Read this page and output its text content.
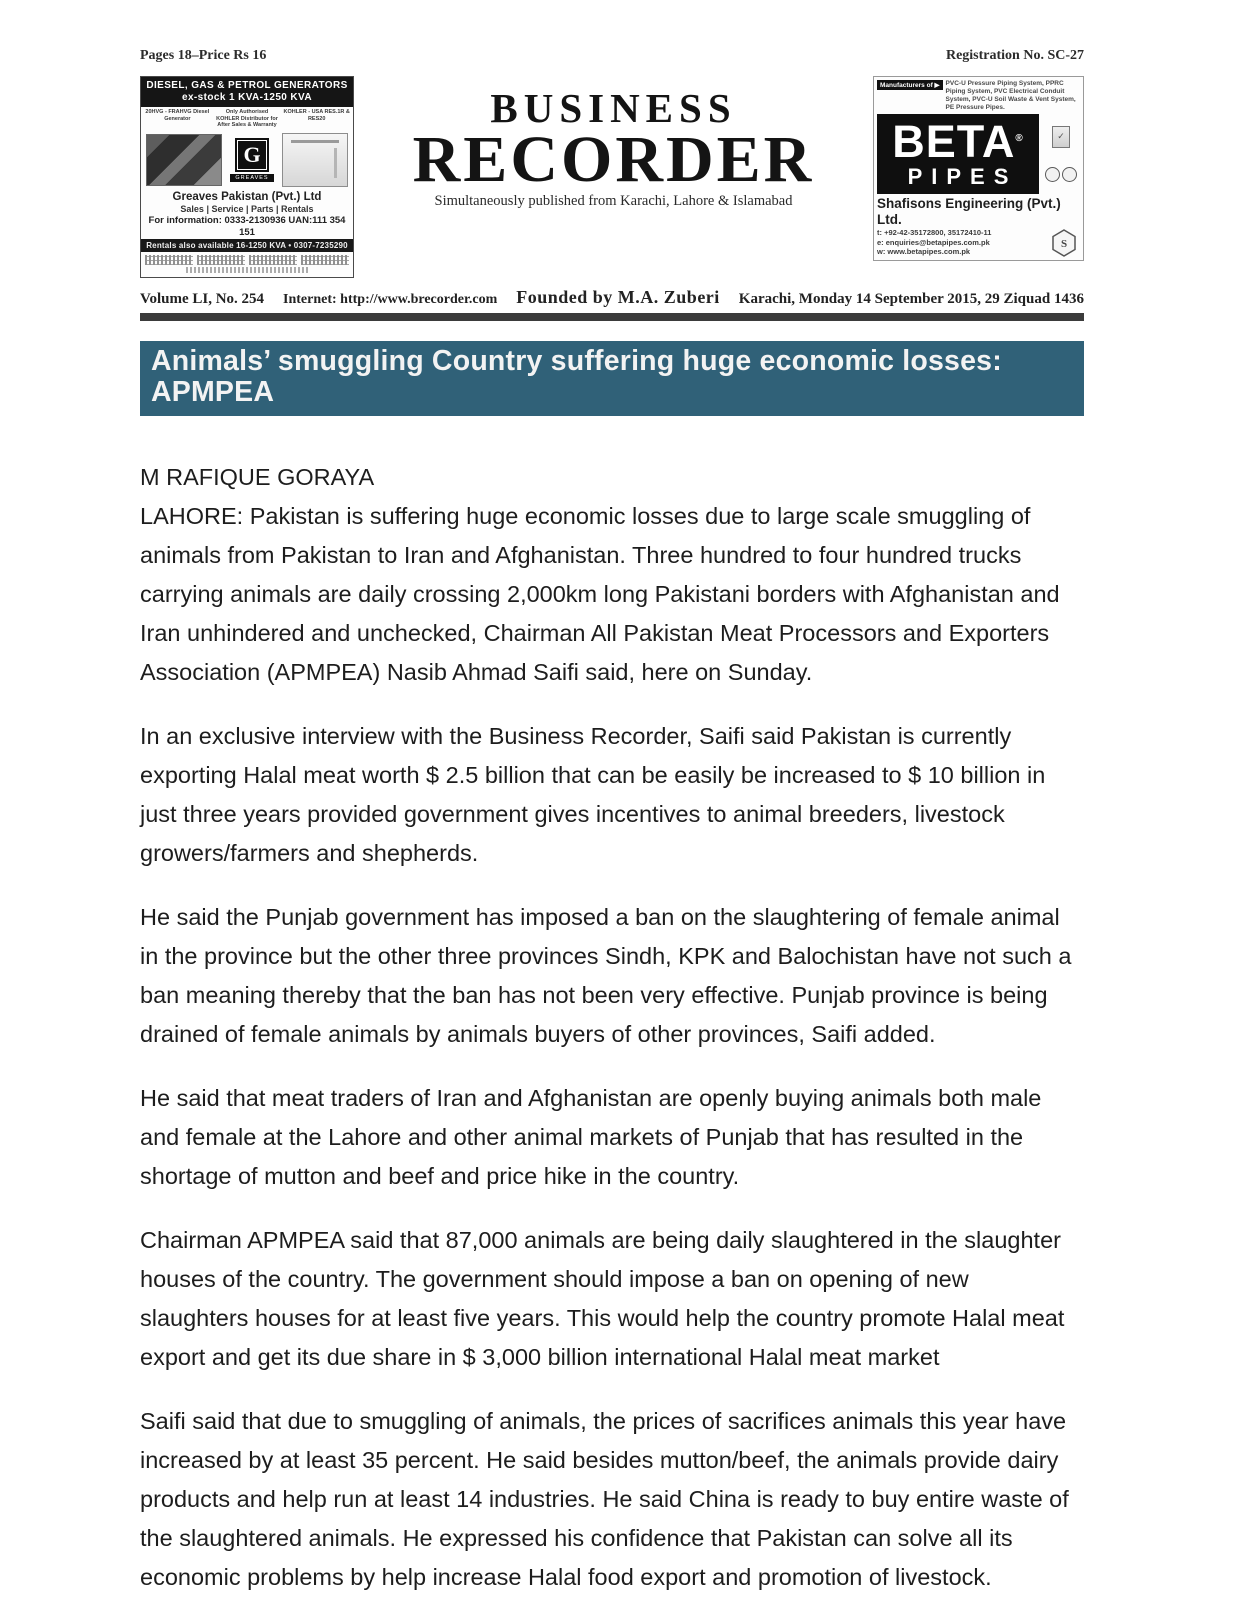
Pages 18–Price Rs 16	Registration No. SC-27
DIESEL, GAS & PETROL GENERATORS
ex-stock 1 KVA-1250 KVA
20HVG - FRAHVG Diesel Generator
Only Authorised KOHLER Distributor for After Sales & Warranty
KOHLER - USA RES.1R & RES20
G
GREAVES
Greaves Pakistan (Pvt.) Ltd
Sales | Service | Parts | Rentals
For information: 0333-2130936 UAN:111 354 151
Rentals also available 16-1250 KVA • 0307-7235290
BUSINESS
RECORDER
Simultaneously published from Karachi, Lahore & Islamabad
Manufacturers of ▶ PVC-U Pressure Piping System, PPRC Piping System, PVC Electrical Conduit System, PVC-U Soil Waste & Vent System, PE Pressure Pipes.
BETA®
PIPES
✓
Shafisons Engineering (Pvt.) Ltd.
t: +92-42-35172800, 35172410-11
e: enquiries@betapipes.com.pk
w: www.betapipes.com.pk
S
Volume LI, No. 254 Internet: http://www.brecorder.com Founded by M.A. Zuberi Karachi, Monday 14 September 2015, 29 Ziquad 1436
Animals’ smuggling Country suffering huge economic losses:
APMPEA

M RAFIQUE GORAYA

LAHORE: Pakistan is suffering huge economic losses due to large scale smuggling of animals from Pakistan to Iran and Afghanistan. Three hundred to four hundred trucks carrying animals are daily crossing 2,000km long Pakistani borders with Afghanistan and Iran unhindered and unchecked, Chairman All Pakistan Meat Processors and Exporters Association (APMPEA) Nasib Ahmad Saifi said, here on Sunday.

In an exclusive interview with the Business Recorder, Saifi said Pakistan is currently exporting Halal meat worth $ 2.5 billion that can be easily be increased to $ 10 billion in just three years provided government gives incentives to animal breeders, livestock growers/farmers and shepherds.

He said the Punjab government has imposed a ban on the slaughtering of female animal in the province but the other three provinces Sindh, KPK and Balochistan have not such a ban meaning thereby that the ban has not been very effective. Punjab province is being drained of female animals by animals buyers of other provinces, Saifi added.

He said that meat traders of Iran and Afghanistan are openly buying animals both male and female at the Lahore and other animal markets of Punjab that has resulted in the shortage of mutton and beef and price hike in the country.

Chairman APMPEA said that 87,000 animals are being daily slaughtered in the slaughter houses of the country. The government should impose a ban on opening of new slaughters houses for at least five years. This would help the country promote Halal meat export and get its due share in $ 3,000 billion international Halal meat market

Saifi said that due to smuggling of animals, the prices of sacrifices animals this year have increased by at least 35 percent. He said besides mutton/beef, the animals provide dairy products and help run at least 14 industries. He said China is ready to buy entire waste of the slaughtered animals. He expressed his confidence that Pakistan can solve all its economic problems by help increase Halal food export and promotion of livestock.
